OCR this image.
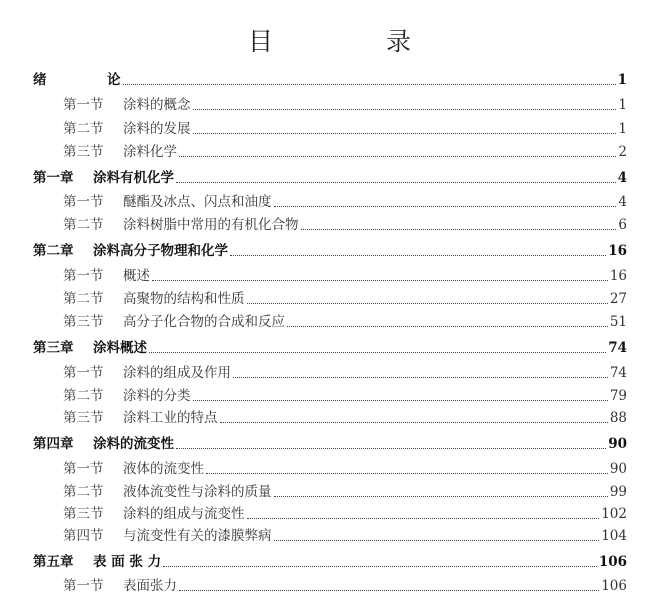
目　录
绪	论	1
第一节	涂料的概念	1
第二节	涂料的发展	1
第三节	涂料化学	2
第一章	涂料有机化学	4
第一节	醚酯及冰点、闪点和油度	4
第二节	涂料树脂中常用的有机化合物	6
第二章	涂料高分子物理和化学	16
第一节	概述	16
第二节	高聚物的结构和性质	27
第三节	高分子化合物的合成和反应	51
第三章	涂料概述	74
第一节	涂料的组成及作用	74
第二节	涂料的分类	79
第三节	涂料工业的特点	88
第四章	涂料的流变性	90
第一节	液体的流变性	90
第二节	液体流变性与涂料的质量	99
第三节	涂料的组成与流变性	102
第四节	与流变性有关的漆膜弊病	104
第五章	表 面 张 力	106
第一节	表面张力	106
